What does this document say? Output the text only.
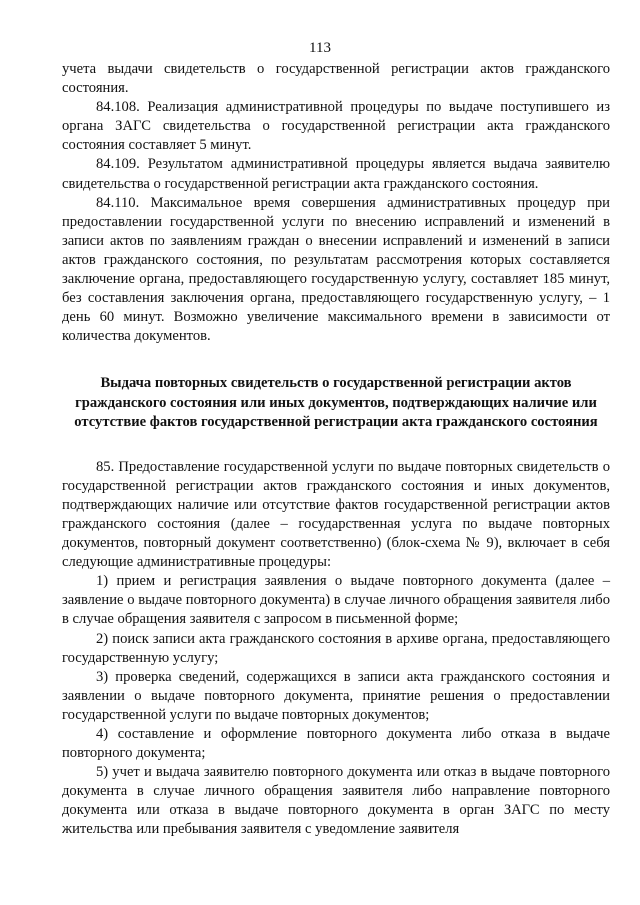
113

учета выдачи свидетельств о государственной регистрации актов гражданского состояния.

84.108. Реализация административной процедуры по выдаче поступившего из органа ЗАГС свидетельства о государственной регистрации акта гражданского состояния составляет 5 минут.

84.109. Результатом административной процедуры является выдача заявителю свидетельства о государственной регистрации акта гражданского состояния.

84.110. Максимальное время совершения административных процедур при предоставлении государственной услуги по внесению исправлений и изменений в записи актов по заявлениям граждан о внесении исправлений и изменений в записи актов гражданского состояния, по результатам рассмотрения которых составляется заключение органа, предоставляющего государственную услугу, составляет 185 минут, без составления заключения органа, предоставляющего государственную услугу, – 1 день 60 минут. Возможно увеличение максимального времени в зависимости от количества документов.

Выдача повторных свидетельств о государственной регистрации актов гражданского состояния или иных документов, подтверждающих наличие или отсутствие фактов государственной регистрации акта гражданского состояния

85. Предоставление государственной услуги по выдаче повторных свидетельств о государственной регистрации актов гражданского состояния и иных документов, подтверждающих наличие или отсутствие фактов государственной регистрации актов гражданского состояния (далее – государственная услуга по выдаче повторных документов, повторный документ соответственно) (блок-схема № 9), включает в себя следующие административные процедуры:

1) прием и регистрация заявления о выдаче повторного документа (далее – заявление о выдаче повторного документа) в случае личного обращения заявителя либо в случае обращения заявителя с запросом в письменной форме;

2) поиск записи акта гражданского состояния в архиве органа, предоставляющего государственную услугу;

3) проверка сведений, содержащихся в записи акта гражданского состояния и заявлении о выдаче повторного документа, принятие решения о предоставлении государственной услуги по выдаче повторных документов;

4) составление и оформление повторного документа либо отказа в выдаче повторного документа;

5) учет и выдача заявителю повторного документа или отказ в выдаче повторного документа в случае личного обращения заявителя либо направление повторного документа или отказа в выдаче повторного документа в орган ЗАГС по месту жительства или пребывания заявителя с уведомление заявителя
